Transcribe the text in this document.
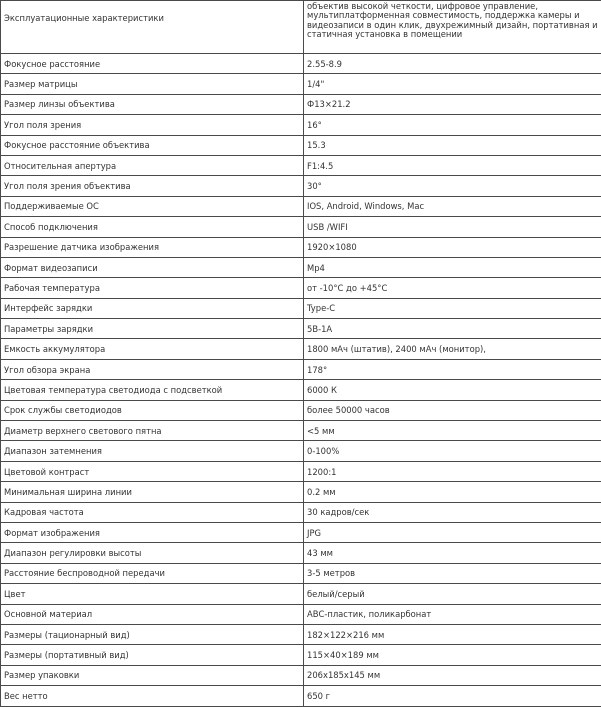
Эксплуатационные характеристики	объектив высокой четкости, цифровое управление, мультиплатформенная совместимость, поддержка камеры и видеозаписи в один клик, двухрежимный дизайн, портативная и статичная установка в помещении
Фокусное расстояние	2.55-8.9
Размер матрицы	1/4"
Размер линзы объектива	Ф13×21.2
Угол поля зрения	16°
Фокусное расстояние объектива	15.3
Относительная апертура	F1:4.5
Угол поля зрения объектива	30°
Поддерживаемые ОС	IOS, Android, Windows, Mac
Способ подключения	USB /WIFI
Разрешение датчика изображения	1920×1080
Формат видеозаписи	Mp4
Рабочая температура	от -10°С до +45°С
Интерфейс зарядки	Type-C
Параметры зарядки	5В-1А
Емкость аккумулятора	1800 мАч (штатив), 2400 мАч (монитор),
Угол обзора экрана	178°
Цветовая температура светодиода с подсветкой	6000 К
Срок службы светодиодов	более 50000 часов
Диаметр верхнего светового пятна	<5 мм
Диапазон затемнения	0-100%
Цветовой контраст	1200:1
Минимальная ширина линии	0.2 мм
Кадровая частота	30 кадров/сек
Формат изображения	JPG
Диапазон регулировки высоты	43 мм
Расстояние беспроводной передачи	3-5 метров
Цвет	белый/серый
Основной материал	АВС-пластик, поликарбонат
Размеры (тационарный вид)	182×122×216 мм
Размеры (портативный вид)	115×40×189 мм
Размер упаковки	206х185х145 мм
Вес нетто	650 г
